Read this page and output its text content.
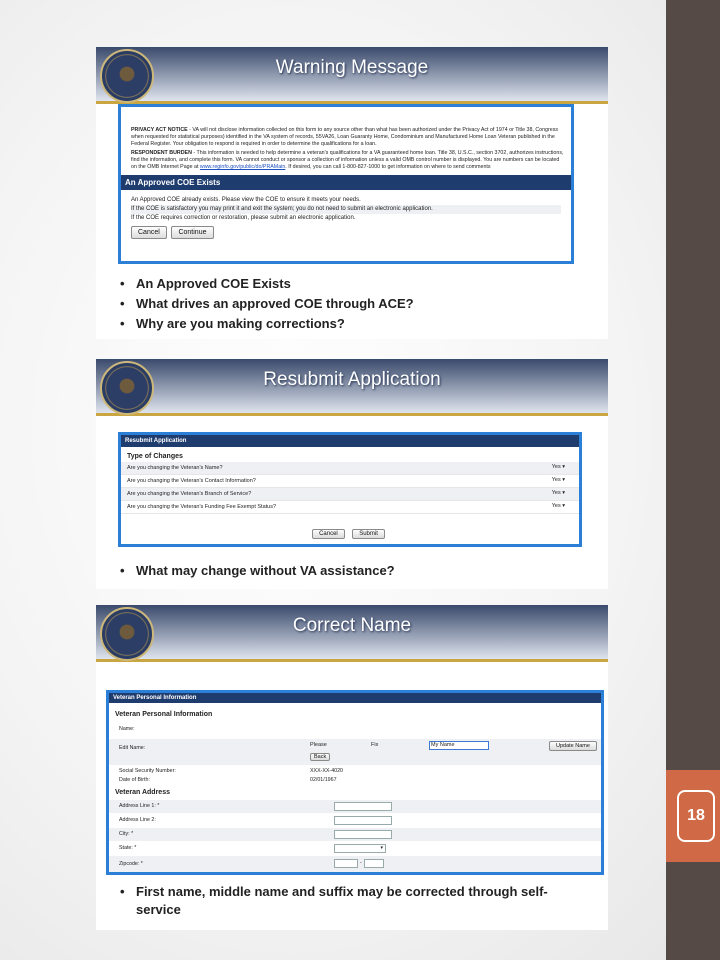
18
Warning Message
PRIVACY ACT NOTICE - VA will not disclose information collected on this form to any source other than what has been authorized under the Privacy Act of 1974 or Title 38, Congress when requested for statistical purposes) identified in the VA system of records, 55VA26, Loan Guaranty Home, Condominium and Manufactured Home Loan Veteran published in the Federal Register. Your obligation to respond is required in order to determine the qualifications for a loan.
RESPONDENT BURDEN - This information is needed to help determine a veteran's qualifications for a VA guaranteed home loan. Title 38, U.S.C., section 3702, authorizes instructions, find the information, and complete this form. VA cannot conduct or sponsor a collection of information unless a valid OMB control number is displayed. You are numbers can be located on the OMB Internet Page at www.reginfo.gov/public/do/PRAMain. If desired, you can call 1-800-827-1000 to get information on where to send comments
An Approved COE Exists
An Approved COE already exists. Please view the COE to ensure it meets your needs.
If the COE is satisfactory you may print it and exit the system; you do not need to submit an electronic application.
If the COE requires correction or restoration, please submit an electronic application.
Cancel	Continue
• An Approved COE Exists
• What drives an approved COE through ACE?
• Why are you making corrections?
Resubmit Application
Resubmit Application
Type of Changes
Are you changing the Veteran's Name?	Yes ▾
Are you changing the Veteran's Contact Information?	Yes ▾
Are you changing the Veteran's Branch of Service?	Yes ▾
Are you changing the Veteran's Funding Fee Exempt Status?	Yes ▾
Cancel	Submit
• What may change without VA assistance?
Correct Name
Veteran Personal Information
Veteran Personal Information
Name:
Edit Name:	Please	Fix	My Name	Update Name
Back
Social Security Number:	XXX-XX-4020
Date of Birth:	02/01/1967
Veteran Address
Address Line 1: *
Address Line 2:
City: *
State: *	▾
Zipcode: *	-
• First name, middle name and suffix may be corrected through self-service
